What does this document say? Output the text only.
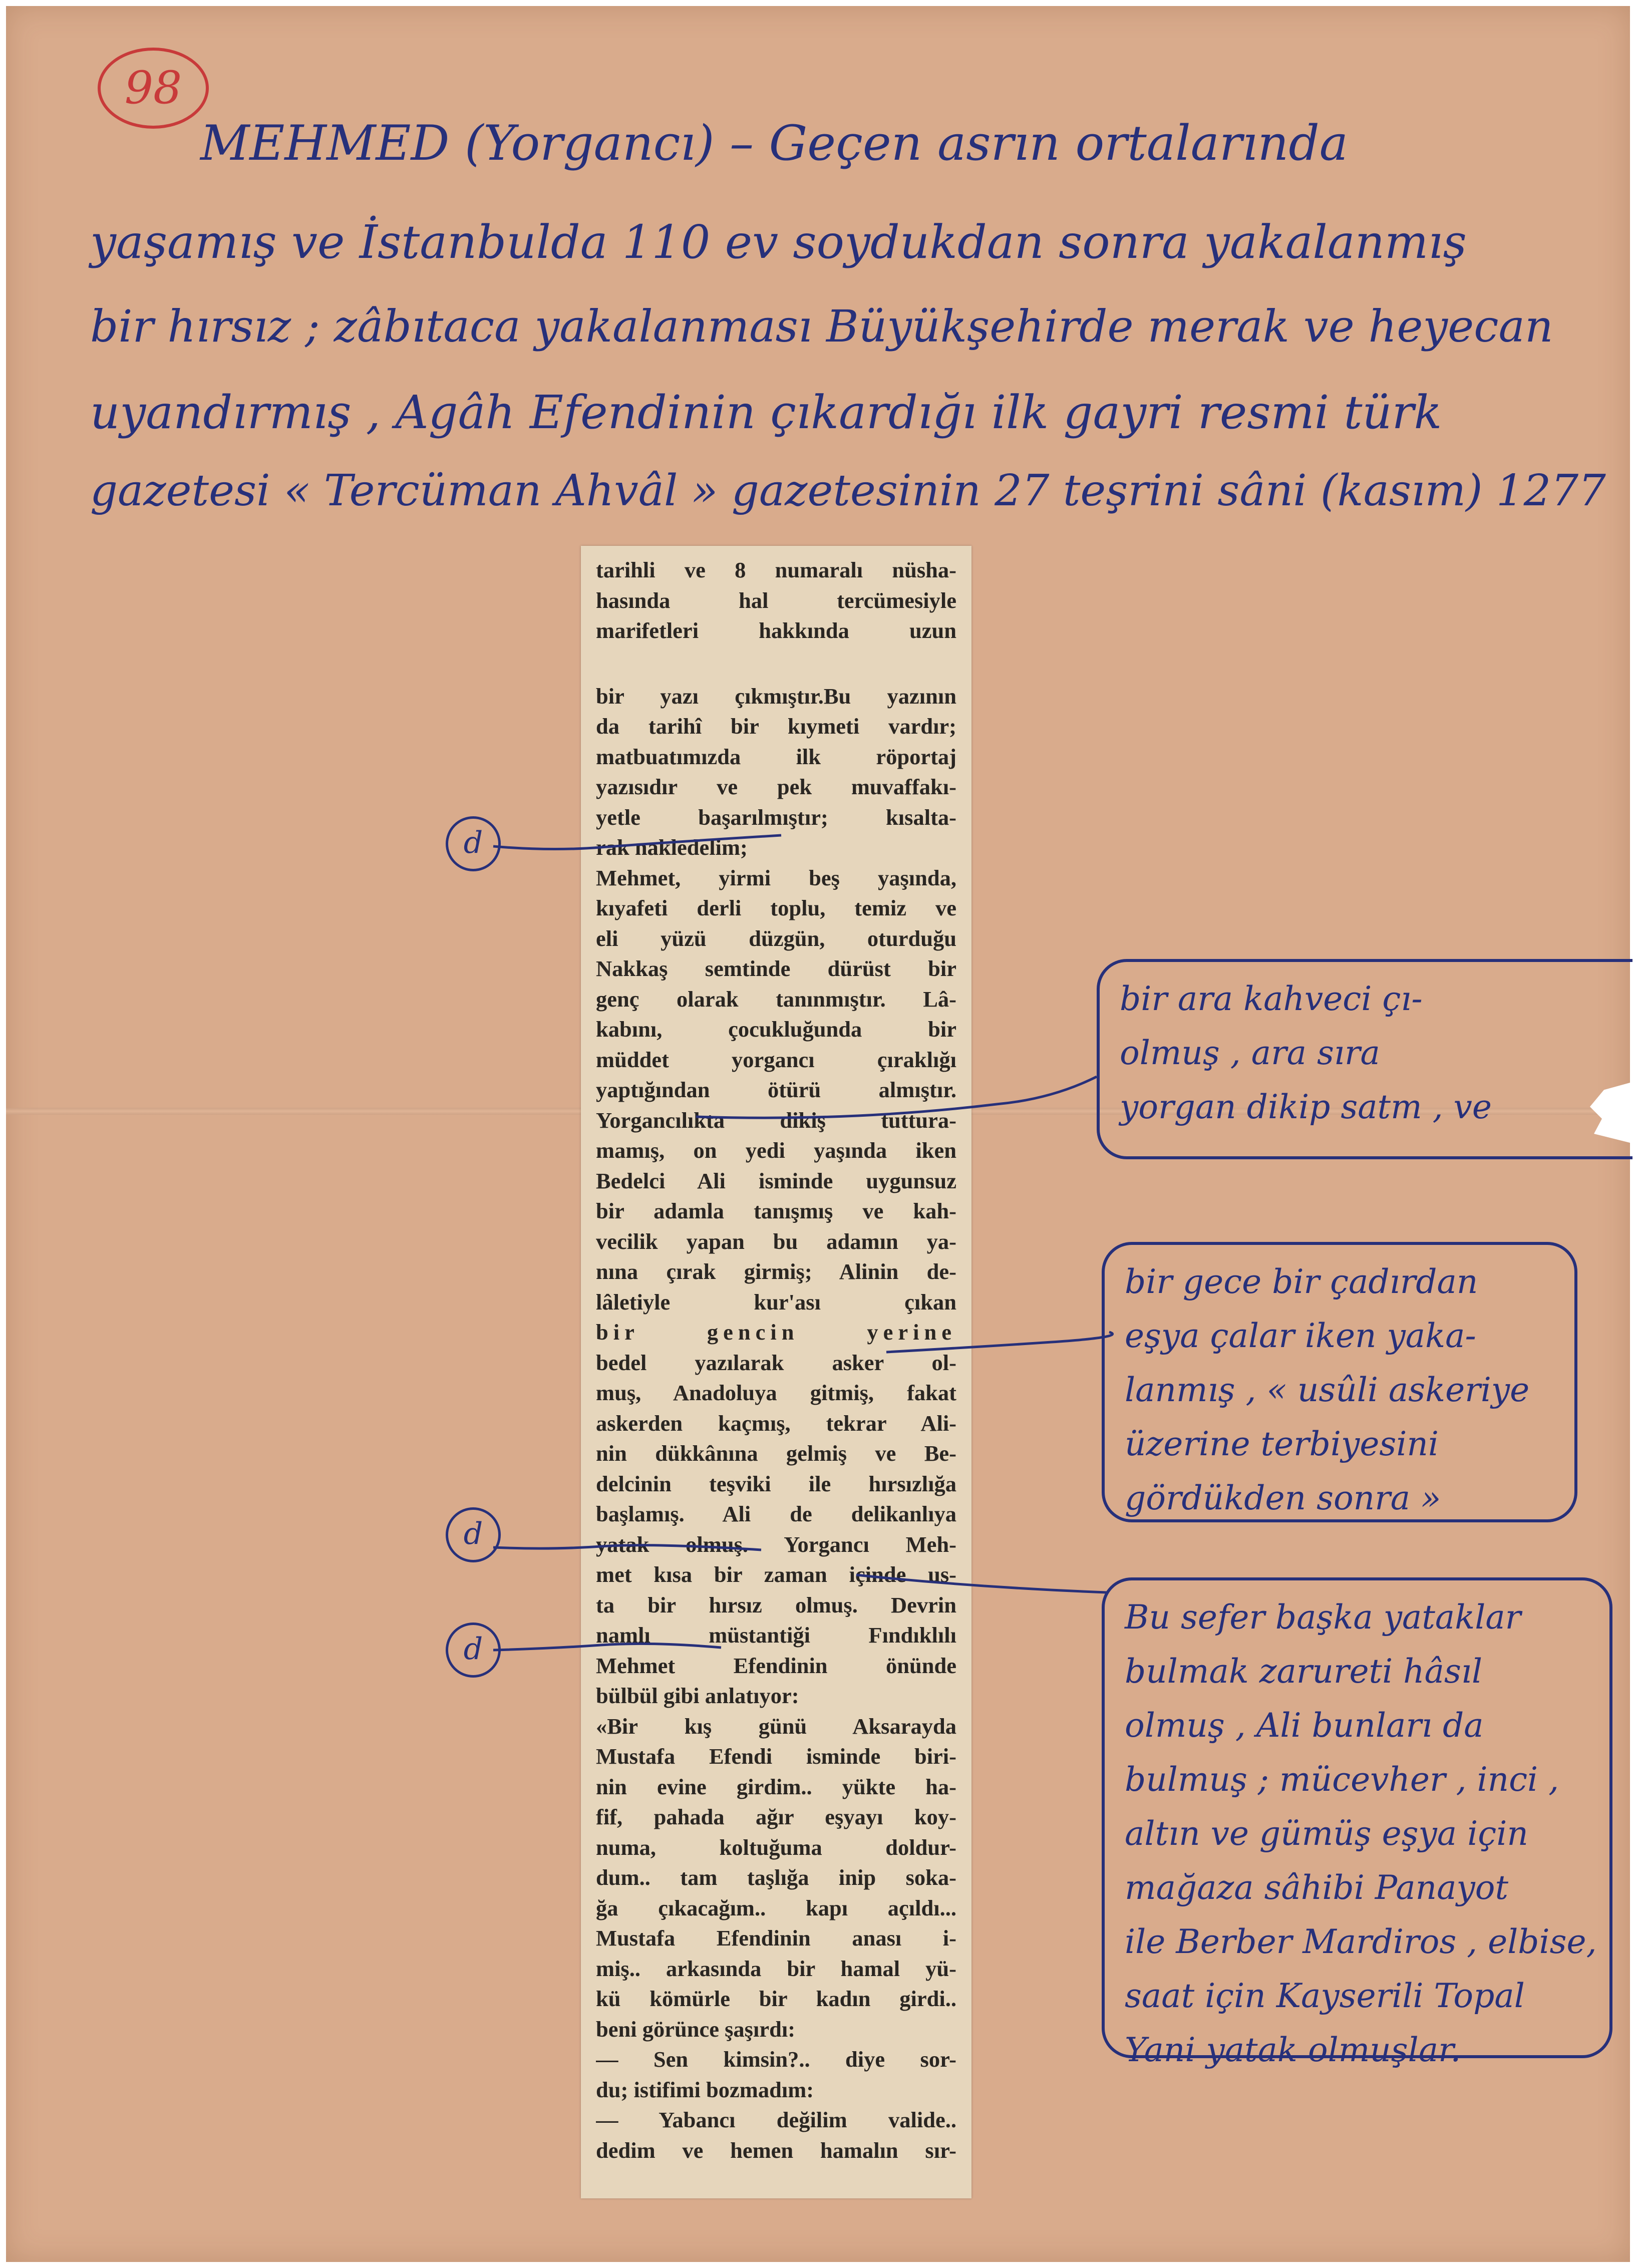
98
MEHMED (Yorgancı) – Geçen asrın ortalarında
yaşamış ve İstanbulda 110 ev soydukdan sonra yakalanmış
bir hırsız ; zâbıtaca yakalanması Büyükşehirde merak ve heyecan
uyandırmış , Agâh Efendinin çıkardığı ilk gayri resmi türk
gazetesi « Tercüman Ahvâl » gazetesinin 27 teşrini sâni (kasım) 1277
tarihli ve 8 numaralı nüsha-
hasında hal tercümesiyle
marifetleri hakkında uzun
bir yazı çıkmıştır.Bu yazının
da tarihî bir kıymeti vardır;
matbuatımızda ilk röportaj
yazısıdır ve pek muvaffakı-
yetle başarılmıştır; kısalta-
rak nakledelim;
Mehmet, yirmi beş yaşında,
kıyafeti derli toplu, temiz ve
eli yüzü düzgün, oturduğu
Nakkaş semtinde dürüst bir
genç olarak tanınmıştır. Lâ-
kabını, çocukluğunda bir
müddet yorgancı çıraklığı
yaptığından ötürü almıştır.
Yorgancılıkta dikiş tuttura-
mamış, on yedi yaşında iken
Bedelci Ali isminde uygunsuz
bir adamla tanışmış ve kah-
vecilik yapan bu adamın ya-
nına çırak girmiş; Alinin de-
lâletiyle kur'ası çıkan
bir gencin yerine
bedel yazılarak asker ol-
muş, Anadoluya gitmiş, fakat
askerden kaçmış, tekrar Ali-
nin dükkânına gelmiş ve Be-
delcinin teşviki ile hırsızlığa
başlamış. Ali de delikanlıya
yatak olmuş. Yorgancı Meh-
met kısa bir zaman içinde us-
ta bir hırsız olmuş. Devrin
namlı müstantiği Fındıklılı
Mehmet Efendinin önünde
bülbül gibi anlatıyor:
«Bir kış günü Aksarayda
Mustafa Efendi isminde biri-
nin evine girdim.. yükte ha-
fif, pahada ağır eşyayı koy-
numa, koltuğuma doldur-
dum.. tam taşlığa inip soka-
ğa çıkacağım.. kapı açıldı...
Mustafa Efendinin anası i-
miş.. arkasında bir hamal yü-
kü kömürle bir kadın girdi..
beni görünce şaşırdı:
— Sen kimsin?.. diye sor-
du; istifimi bozmadım:
— Yabancı değilim valide..
dedim ve hemen hamalın sır-
d
d
d
bir ara kahveci çı-
olmuş , ara sıra
yorgan dikip satm , ve
bir gece bir çadırdan
eşya çalar iken yaka-
lanmış , « usûli askeriye
üzerine terbiyesini
gördükden sonra »
Bu sefer başka yataklar
bulmak zarureti hâsıl
olmuş , Ali bunları da
bulmuş ; mücevher , inci ,
altın ve gümüş eşya için
mağaza sâhibi Panayot
ile Berber Mardiros , elbise,
saat için Kayserili Topal
Yani yatak olmuşlar.
